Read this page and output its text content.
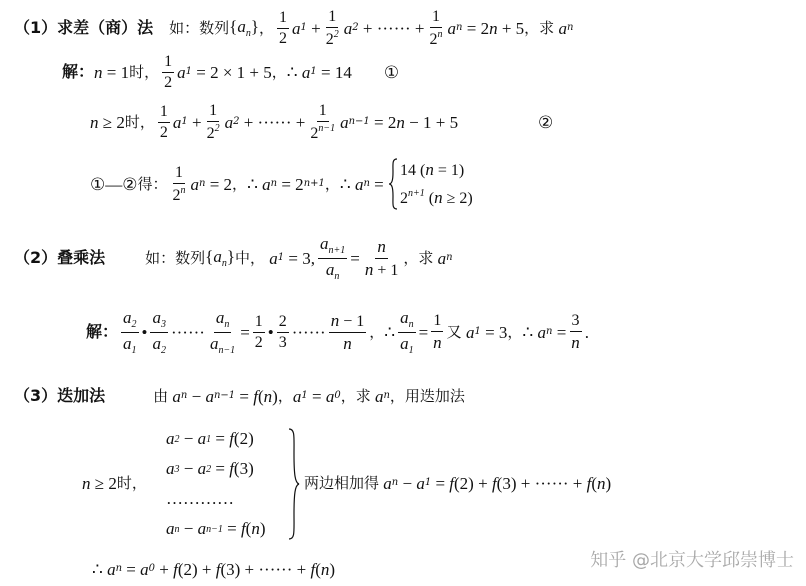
（1） 求差（商）法 如：数列 $\{a_n\}$ ， $\frac{1}{2}$ a $1 + \frac{1}{2^2}$ a 2 + ······ + $\frac{1}{2^n}$ a n = 2n + 5 ，求 a n
解： n = 1 时， $\frac{1}{2}$ a 1 = 2 × 1 + 5 ， ∴ a 1 = 14 ①
n ≥ 2 时， $\frac{1}{2}$ a $1 + \frac{1}{2^2}$ a 2 + ······ + $\frac{1}{2^{n-1}}$ a n−1 = 2n − 1 + 5	②
①—② 得： $\frac{1}{2^n}$ a n = 2 ， ∴ a n = 2 n+1 ， ∴ a n =
14 (n = 1)
$2^{n+1}$ (n ≥ 2)
（2） 叠乘法	如：数列 $\{a_n\}$ 中， a 1 = 3, $\frac{a_{n+1}}{a_n} = \frac{n}{n + 1}$ ，求 a n
解： $\frac{a_2}{a_1}$ • $\frac{a_3}{a_2}$ ······ $\frac{a_n}{a_{n-1}} = \frac{1}{2}$ • $\frac{2}{3}$ ······ $\frac{n - 1}{n}$ ， ∴ $\frac{a_n}{a_1} = \frac{1}{n}$ 又 a 1 = 3 ， ∴ a $n = \frac{3}{n}$ .
（3） 迭加法	由 a n − a n−1 = f ( n ) ， a 1 = a 0 ，求 a n ，用迭加法
n ≥ 2 时，
a 2 − a 1 = f (2)
a 3 − a 2 = f (3)
…………
a n − a n−1 = f ( n )
两边相加得 a n − a 1 = f (2) + f (3) + ······ + f ( n )
∴ a n = a 0 + f (2) + f (3) + ······ + f ( n )	知乎 @北京大学邱崇博士
